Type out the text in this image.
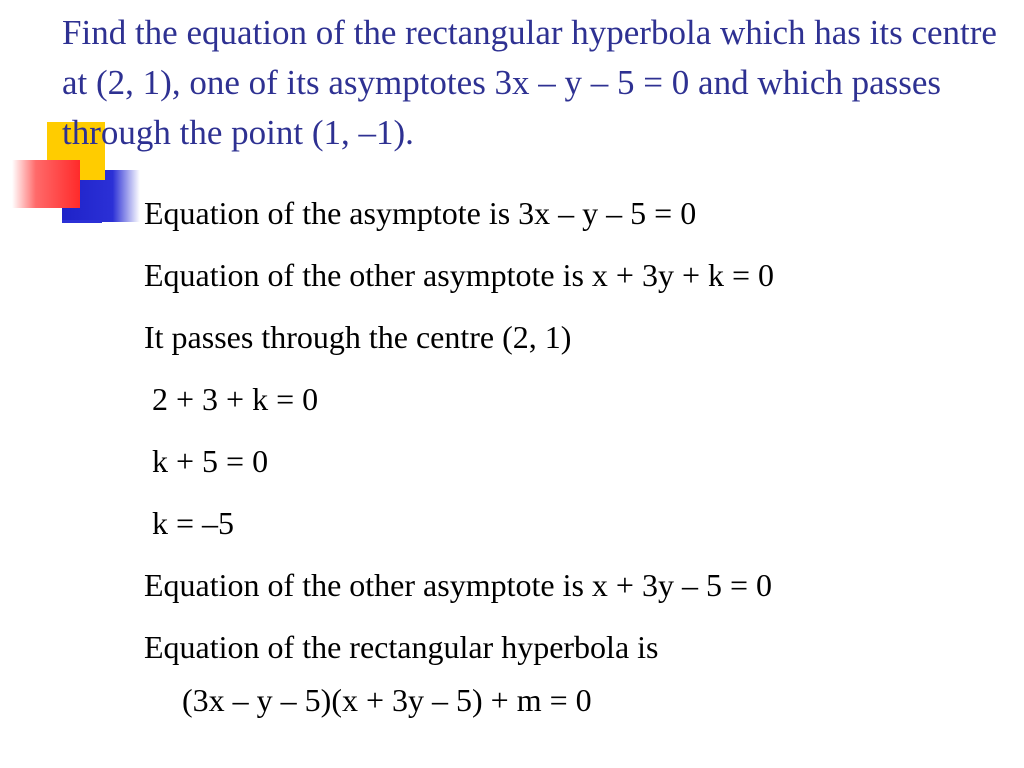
Find the equation of the rectangular hyperbola which has its centre at (2, 1), one of its asymptotes 3x – y – 5 = 0 and which passes through the point (1, –1).
Equation of the asymptote is 3x – y – 5 = 0
Equation of the other asymptote is x + 3y + k = 0
It passes through the centre (2, 1)
2 + 3 + k = 0
k + 5 = 0
k = –5
Equation of the other asymptote is x + 3y – 5 = 0
Equation of the rectangular hyperbola is
(3x – y – 5)(x + 3y – 5) + m = 0
